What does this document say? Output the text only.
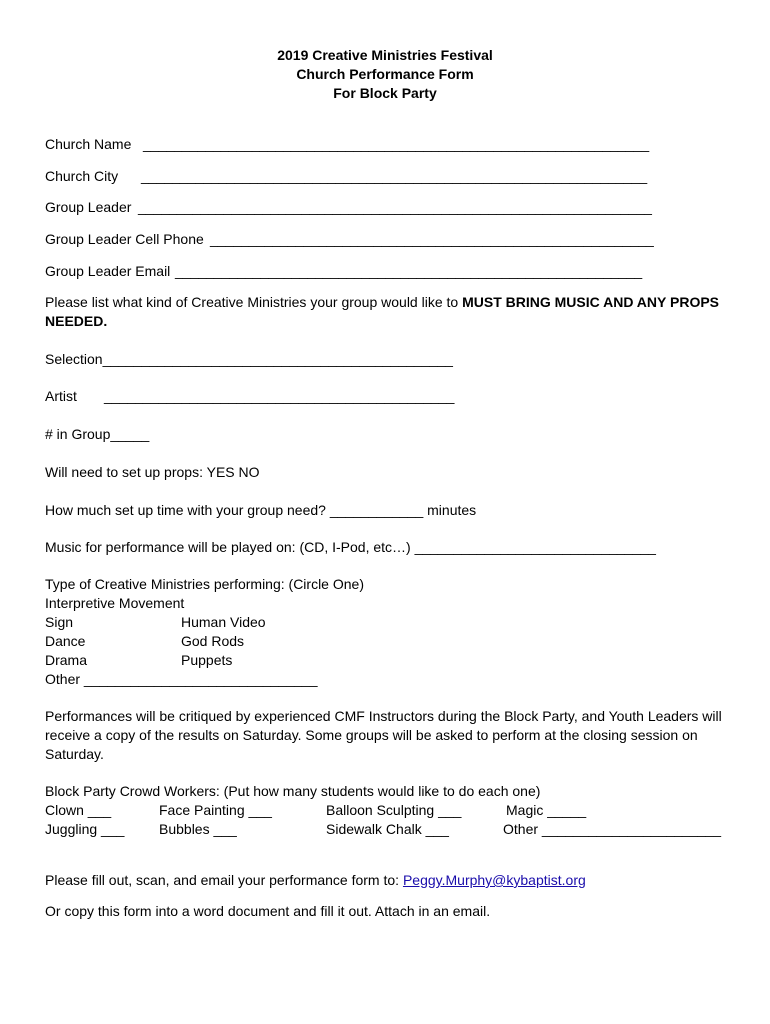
2019 Creative Ministries Festival
Church Performance Form
For Block Party
Church Name _________________________________________________________________
Church City _________________________________________________________________
Group Leader __________________________________________________________________
Group Leader Cell Phone _________________________________________________________
Group Leader Email ____________________________________________________________
Please list what kind of Creative Ministries your group would like to MUST BRING MUSIC AND ANY PROPS
NEEDED.
Selection_____________________________________________
Artist _____________________________________________
# in Group_____
Will need to set up props: YES NO
How much set up time with your group need? ____________ minutes
Music for performance will be played on: (CD, I-Pod, etc…) _______________________________
Type of Creative Ministries performing: (Circle One)
Interpretive Movement
Sign	Human Video
Dance	God Rods
Drama	Puppets
Other ______________________________
Performances will be critiqued by experienced CMF Instructors during the Block Party, and Youth Leaders will
receive a copy of the results on Saturday. Some groups will be asked to perform at the closing session on
Saturday.
Block Party Crowd Workers: (Put how many students would like to do each one)
Clown ___	Face Painting ___	Balloon Sculpting ___	Magic _____
Juggling ___ Bubbles ___	Sidewalk Chalk ___	Other _______________________
Please fill out, scan, and email your performance form to: Peggy.Murphy@kybaptist.org
Or copy this form into a word document and fill it out. Attach in an email.
